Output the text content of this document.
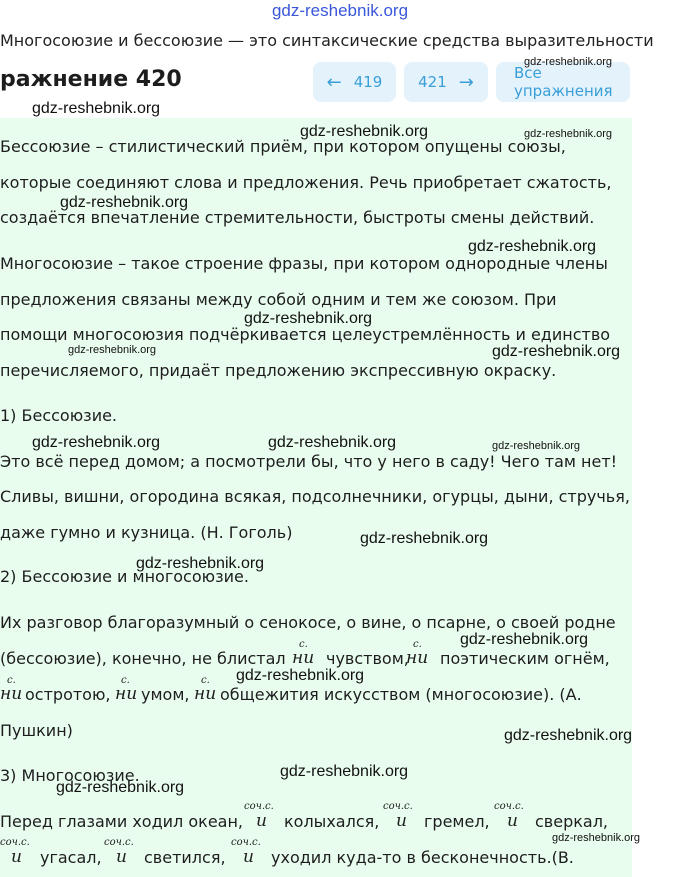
gdz-reshebnik.org
Многосоюзие и бессоюзие — это синтаксические средства выразительности
ражнение 420	← 419 421 →	Все упражнения
gdz-reshebnik.org
gdz-reshebnik.org
Бессоюзие – стилистический приём, при котором опущены союзы,
которые соединяют слова и предложения. Речь приобретает сжатость,
создаётся впечатление стремительности, быстроты смены действий.
Многосоюзие – такое строение фразы, при котором однородные члены
предложения связаны между собой одним и тем же союзом. При
помощи многосоюзия подчёркивается целеустремлённость и единство
перечисляемого, придаёт предложению экспрессивную окраску.
1) Бессоюзие.
Это всё перед домом; а посмотрели бы, что у него в саду! Чего там нет!
Сливы, вишни, огородина всякая, подсолнечники, огурцы, дыни, стручья,
даже гумно и кузница. (Н. Гоголь)
2) Бессоюзие и многосоюзие.
Их разговор благоразумный о сенокосе, о вине, о псарне, о своей родне
(бессоюзие), конечно, не блистал
с.
ни чувством,
с.
ни поэтическим огнём,
с.
ни остротою,
с.
ни умом,
с.
ни общежития искусством (многосоюзие). (А.
Пушкин)
3) Многосоюзие.
Перед глазами ходил океан,
соч.с.
и колыхался,
соч.с.
и гремел,
соч.с.
и сверкал,
соч.с.
и угасал,
соч.с.
и светился,
соч.с.
и уходил куда-то в бесконечность.(В.
gdz-reshebnik.org	gdz-reshebnik.org
gdz-reshebnik.org
gdz-reshebnik.org
gdz-reshebnik.org
gdz-reshebnik.org	gdz-reshebnik.org
gdz-reshebnik.org	gdz-reshebnik.org	gdz-reshebnik.org
gdz-reshebnik.org
gdz-reshebnik.org
gdz-reshebnik.org
gdz-reshebnik.org
gdz-reshebnik.org
gdz-reshebnik.org
gdz-reshebnik.org
gdz-reshebnik.org
